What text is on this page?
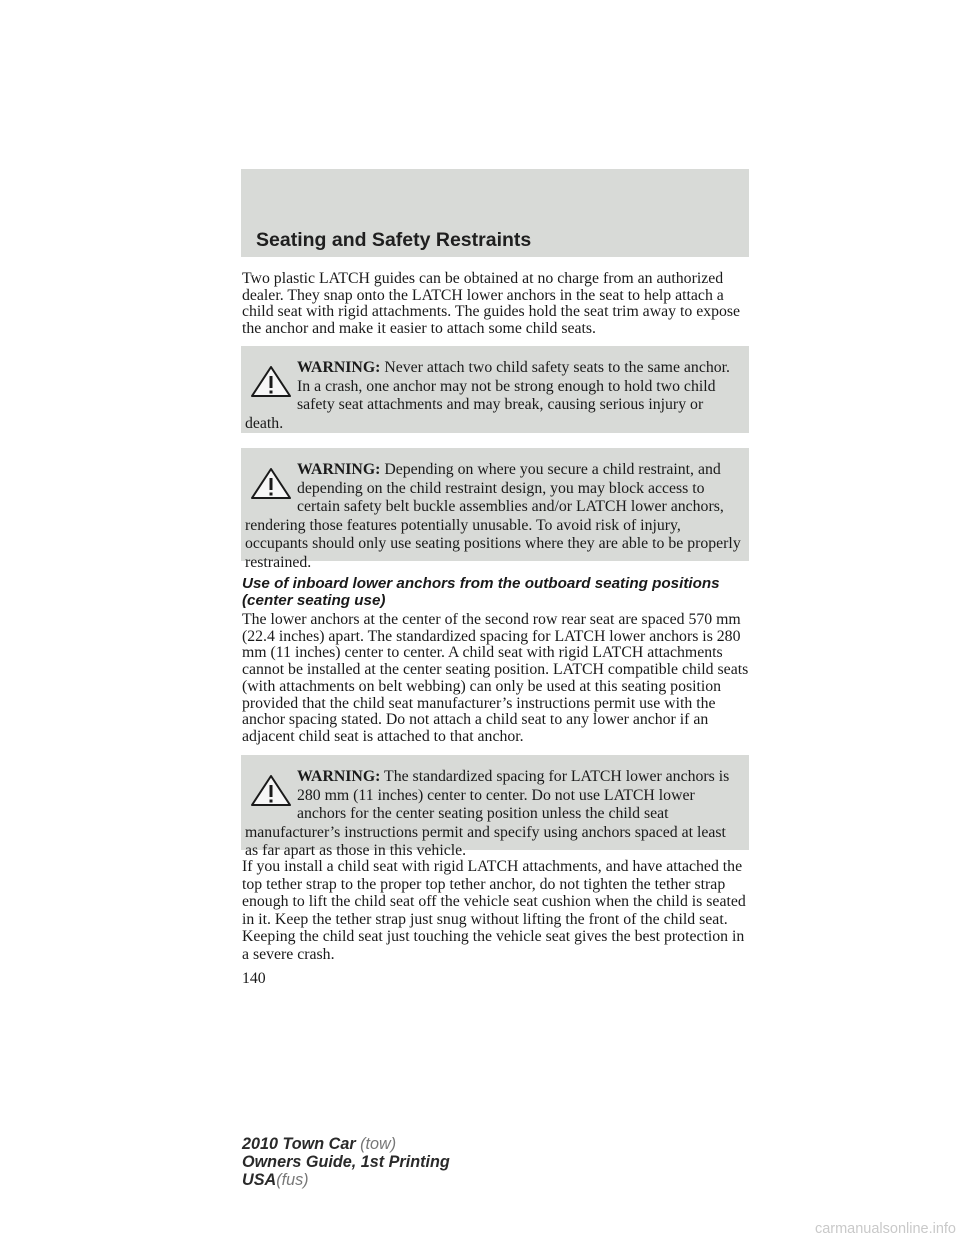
Seating and Safety Restraints

Two plastic LATCH guides can be obtained at no charge from an authorized dealer. They snap onto the LATCH lower anchors in the seat to help attach a child seat with rigid attachments. The guides hold the seat trim away to expose the anchor and make it easier to attach some child seats.

WARNING: Never attach two child safety seats to the same anchor. In a crash, one anchor may not be strong enough to hold two child safety seat attachments and may break, causing serious injury or death.
WARNING: Depending on where you secure a child restraint, and depending on the child restraint design, you may block access to certain safety belt buckle assemblies and/or LATCH lower anchors, rendering those features potentially unusable. To avoid risk of injury, occupants should only use seating positions where they are able to be properly restrained.
Use of inboard lower anchors from the outboard seating positions (center seating use)

The lower anchors at the center of the second row rear seat are spaced 570 mm (22.4 inches) apart. The standardized spacing for LATCH lower anchors is 280 mm (11 inches) center to center. A child seat with rigid LATCH attachments cannot be installed at the center seating position. LATCH compatible child seats (with attachments on belt webbing) can only be used at this seating position provided that the child seat manufacturer’s instructions permit use with the anchor spacing stated. Do not attach a child seat to any lower anchor if an adjacent child seat is attached to that anchor.

WARNING: The standardized spacing for LATCH lower anchors is 280 mm (11 inches) center to center. Do not use LATCH lower anchors for the center seating position unless the child seat manufacturer’s instructions permit and specify using anchors spaced at least as far apart as those in this vehicle.

If you install a child seat with rigid LATCH attachments, and have attached the top tether strap to the proper top tether anchor, do not tighten the tether strap enough to lift the child seat off the vehicle seat cushion when the child is seated in it. Keep the tether strap just snug without lifting the front of the child seat. Keeping the child seat just touching the vehicle seat gives the best protection in a severe crash.

140

2010 Town Car (tow)
Owners Guide, 1st Printing
USA(fus)
carmanualsonline.info
